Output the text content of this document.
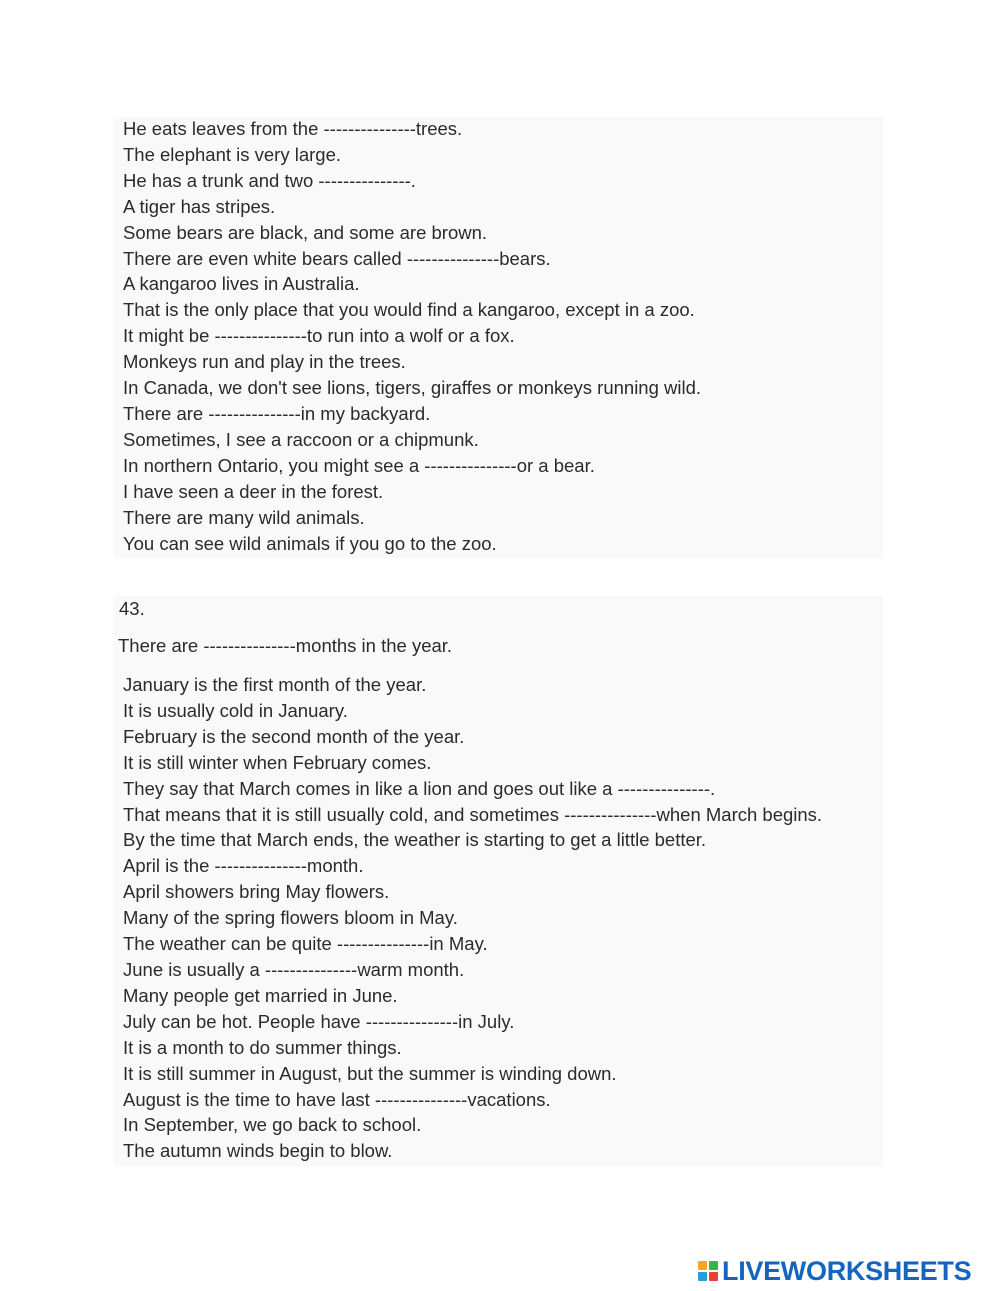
He eats leaves from the ---------------trees.
The elephant is very large.
He has a trunk and two ---------------.
A tiger has stripes.
Some bears are black, and some are brown.
There are even white bears called ---------------bears.
A kangaroo lives in Australia.
That is the only place that you would find a kangaroo, except in a zoo.
It might be ---------------to run into a wolf or a fox.
Monkeys run and play in the trees.
In Canada, we don't see lions, tigers, giraffes or monkeys running wild.
There are ---------------in my backyard.
Sometimes, I see a raccoon or a chipmunk.
In northern Ontario, you might see a ---------------or a bear.
I have seen a deer in the forest.
There are many wild animals.
You can see wild animals if you go to the zoo.
43.
There are ---------------months in the year.
January is the first month of the year.
It is usually cold in January.
February is the second month of the year.
It is still winter when February comes.
They say that March comes in like a lion and goes out like a ---------------.
That means that it is still usually cold, and sometimes ---------------when March begins.
By the time that March ends, the weather is starting to get a little better.
April is the ---------------month.
April showers bring May flowers.
Many of the spring flowers bloom in May.
The weather can be quite ---------------in May.
June is usually a ---------------warm month.
Many people get married in June.
July can be hot. People have ---------------in July.
It is a month to do summer things.
It is still summer in August, but the summer is winding down.
August is the time to have last ---------------vacations.
In September, we go back to school.
The autumn winds begin to blow.
LIVEWORKSHEETS
